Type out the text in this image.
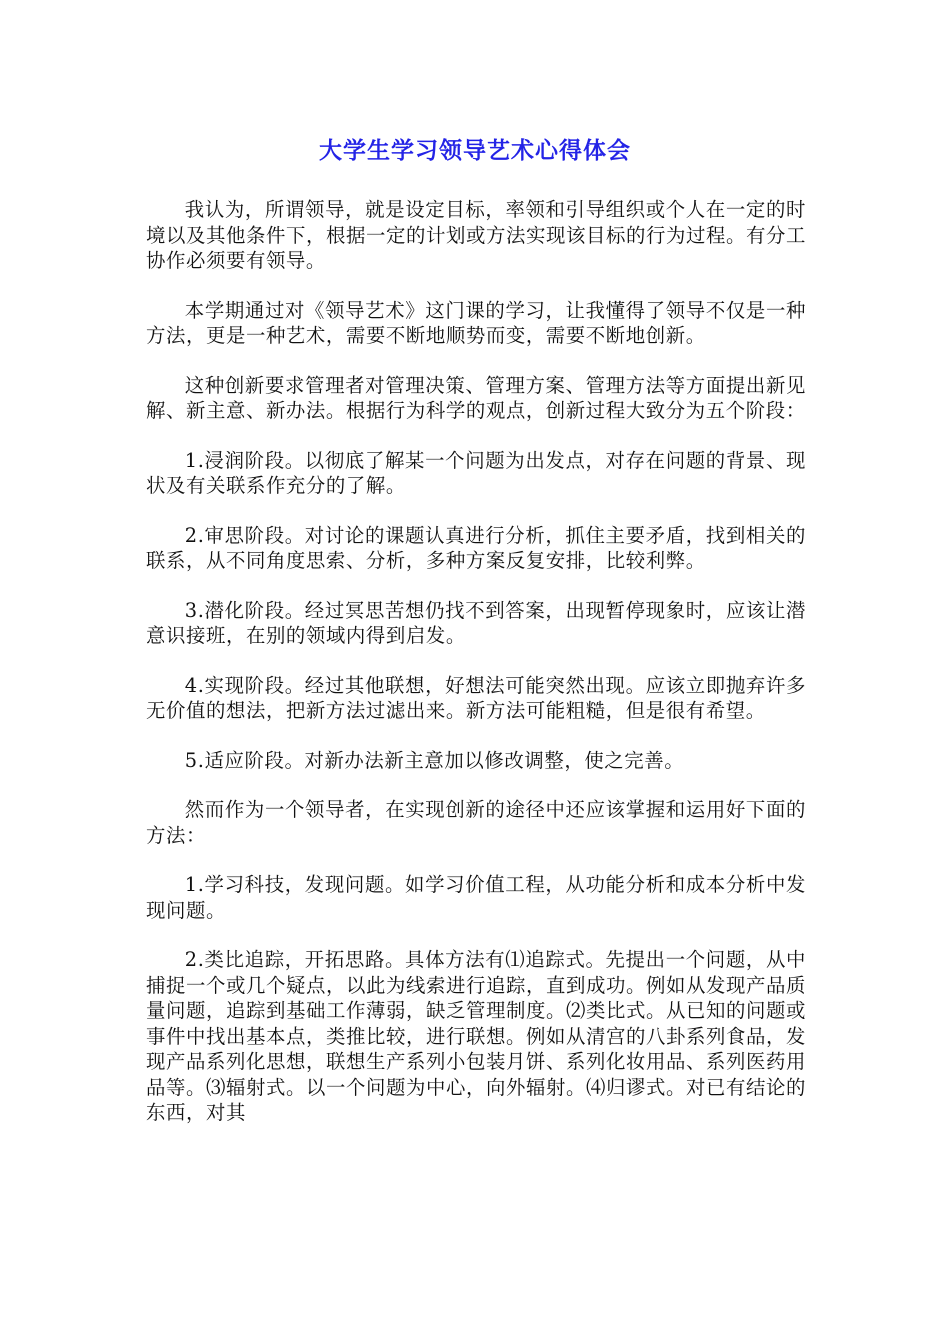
大学生学习领导艺术心得体会

我认为，所谓领导，就是设定目标，率领和引导组织或个人在一定的时境以及其他条件下，根据一定的计划或方法实现该目标的行为过程。有分工协作必须要有领导。

本学期通过对《领导艺术》这门课的学习，让我懂得了领导不仅是一种方法，更是一种艺术，需要不断地顺势而变，需要不断地创新。

这种创新要求管理者对管理决策、管理方案、管理方法等方面提出新见解、新主意、新办法。根据行为科学的观点，创新过程大致分为五个阶段：

1.浸润阶段。以彻底了解某一个问题为出发点，对存在问题的背景、现状及有关联系作充分的了解。

2.审思阶段。对讨论的课题认真进行分析，抓住主要矛盾，找到相关的联系，从不同角度思索、分析，多种方案反复安排，比较利弊。

3.潜化阶段。经过冥思苦想仍找不到答案，出现暂停现象时，应该让潜意识接班，在别的领域内得到启发。

4.实现阶段。经过其他联想，好想法可能突然出现。应该立即抛弃许多无价值的想法，把新方法过滤出来。新方法可能粗糙，但是很有希望。

5.适应阶段。对新办法新主意加以修改调整，使之完善。

然而作为一个领导者，在实现创新的途径中还应该掌握和运用好下面的方法：

1.学习科技，发现问题。如学习价值工程，从功能分析和成本分析中发现问题。

2.类比追踪，开拓思路。具体方法有⑴追踪式。先提出一个问题，从中捕捉一个或几个疑点，以此为线索进行追踪，直到成功。例如从发现产品质量问题，追踪到基础工作薄弱，缺乏管理制度。⑵类比式。从已知的问题或事件中找出基本点，类推比较，进行联想。例如从清宫的八卦系列食品，发现产品系列化思想，联想生产系列小包装月饼、系列化妆用品、系列医药用品等。⑶辐射式。以一个问题为中心，向外辐射。⑷归谬式。对已有结论的东西，对其
